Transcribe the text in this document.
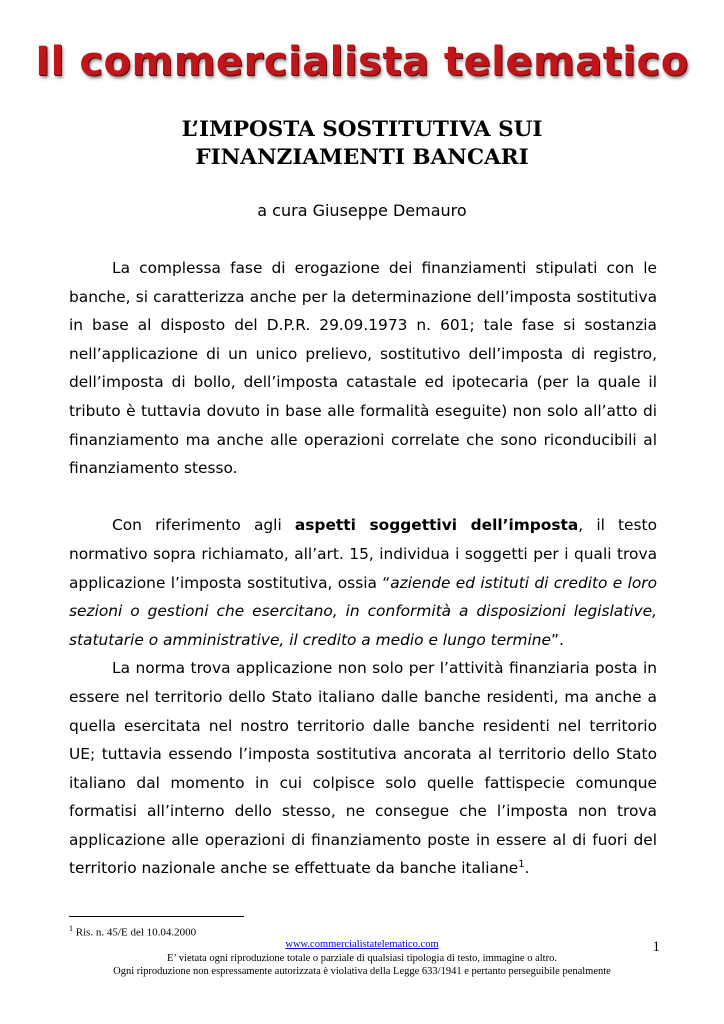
Il commercialista telematico
L’IMPOSTA SOSTITUTIVA SUI
FINANZIAMENTI BANCARI
a cura Giuseppe Demauro

La complessa fase di erogazione dei finanziamenti stipulati con le banche, si caratterizza anche per la determinazione dell’imposta sostitutiva in base al disposto del D.P.R. 29.09.1973 n. 601; tale fase si sostanzia nell’applicazione di un unico prelievo, sostitutivo dell’imposta di registro, dell’imposta di bollo, dell’imposta catastale ed ipotecaria (per la quale il tributo è tuttavia dovuto in base alle formalità eseguite) non solo all’atto di finanziamento ma anche alle operazioni correlate che sono riconducibili al finanziamento stesso.

Con riferimento agli aspetti soggettivi dell’imposta, il testo normativo sopra richiamato, all’art. 15, individua i soggetti per i quali trova applicazione l’imposta sostitutiva, ossia “aziende ed istituti di credito e loro sezioni o gestioni che esercitano, in conformità a disposizioni legislative, statutarie o amministrative, il credito a medio e lungo termine”.

La norma trova applicazione non solo per l’attività finanziaria posta in essere nel territorio dello Stato italiano dalle banche residenti, ma anche a quella esercitata nel nostro territorio dalle banche residenti nel territorio UE; tuttavia essendo l’imposta sostitutiva ancorata al territorio dello Stato italiano dal momento in cui colpisce solo quelle fattispecie comunque formatisi all’interno dello stesso, ne consegue che l’imposta non trova applicazione alle operazioni di finanziamento poste in essere al di fuori del territorio nazionale anche se effettuate da banche italiane$^1$.

$^1$ Ris. n. 45/E del 10.04.2000
1
www.commercialistatelematico.com
E’ vietata ogni riproduzione totale o parziale di qualsiasi tipologia di testo, immagine o altro.
Ogni riproduzione non espressamente autorizzata è violativa della Legge 633/1941 e pertanto perseguibile penalmente
